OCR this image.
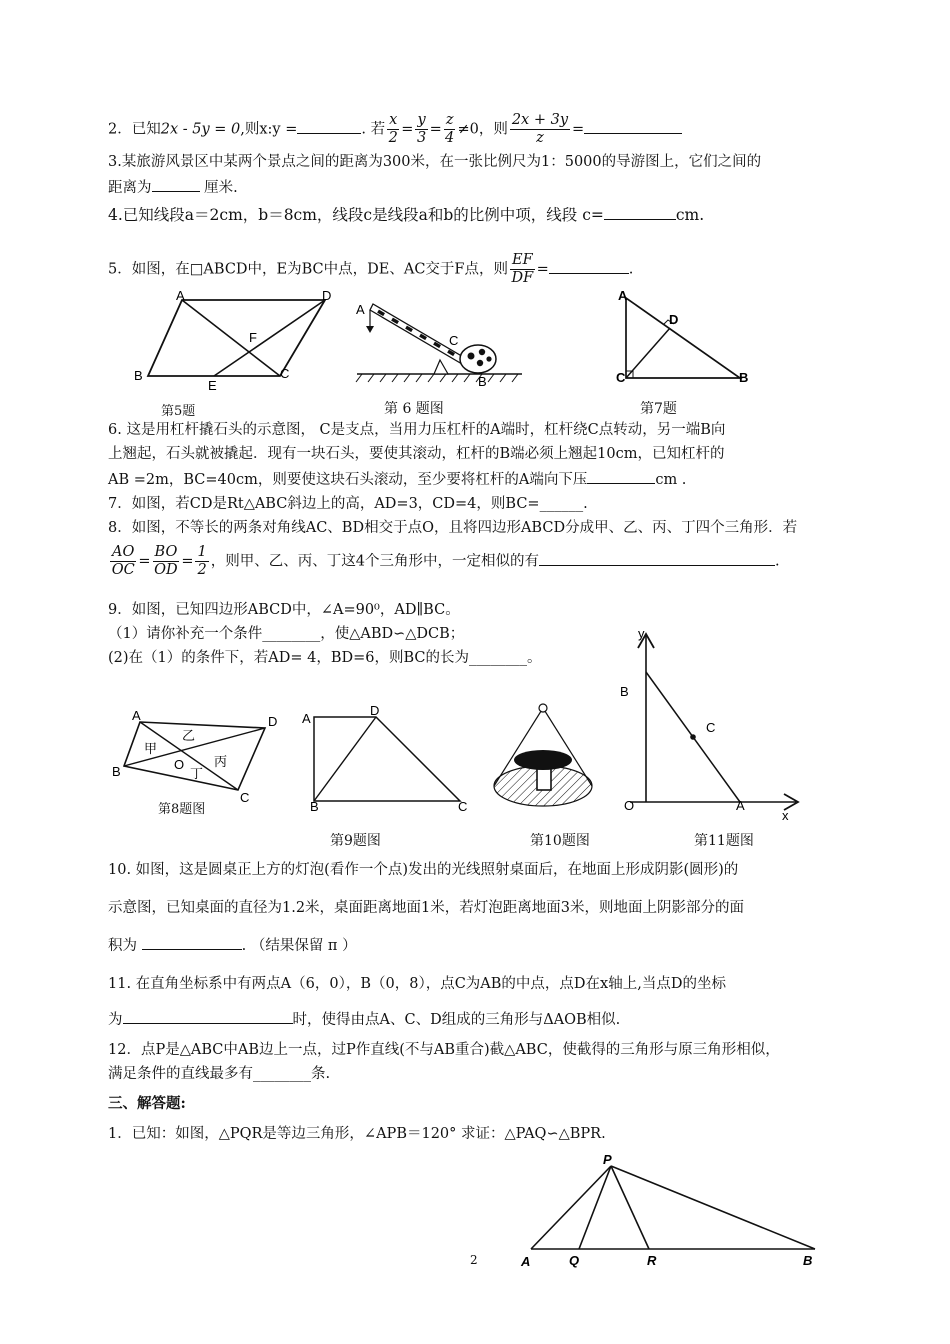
2．已知2x - 5y = 0,则x:y =	. 若 $\frac{x}{2} = \frac{y}{3} = \frac{z}{4} \ne 0$，则 $\frac{2x + 3y}{z}$ =
3.某旅游风景区中某两个景点之间的距离为300米，在一张比例尺为1：5000的导游图上，它们之间的
距离为	厘米.
4.已知线段a＝2cm，b＝8cm，线段c是线段a和b的比例中项，线段 c=	cm.
5．如图，在□ABCD中，E为BC中点，DE、AC交于F点，则 $\frac{EF}{DF}$ =	.
A	D
B
E
F
C
第5题
A
C
B
第 6 题图
A
D
C	B
第7题
6. 这是用杠杆撬石头的示意图， C是支点，当用力压杠杆的A端时，杠杆绕C点转动，另一端B向
上翘起，石头就被撬起．现有一块石头，要使其滚动，杠杆的B端必须上翘起10cm，已知杠杆的
AB =2m，BC=40cm，则要使这块石头滚动，至少要将杠杆的A端向下压	cm .
7．如图，若CD是Rt△ABC斜边上的高，AD=3，CD=4，则BC=______.
8．如图，不等长的两条对角线AC、BD相交于点O，且将四边形ABCD分成甲、乙、丙、丁四个三角形．若
$\frac{AO}{OC} = \frac{BO}{OD} = \frac{1}{2}$ ，则甲、乙、丙、丁这4个三角形中，一定相似的有	.
9．如图，已知四边形ABCD中，∠A=90⁰，AD∥BC。
（1）请你补充一个条件________，使△ABD∽△DCB；
(2)在（1）的条件下，若AD= 4，BD=6，则BC的长为________。
A	D
B
C
O
甲
乙
丙
丁
第8题图
A
D
B	C
第9题图	第10题图
y
B
C
O	A
x
第11题图
10. 如图，这是圆桌正上方的灯泡(看作一个点)发出的光线照射桌面后，在地面上形成阴影(圆形)的
示意图，已知桌面的直径为1.2米，桌面距离地面1米，若灯泡距离地面3米，则地面上阴影部分的面
积为	. （结果保留 π ）
11. 在直角坐标系中有两点A（6，0），B（0，8），点C为AB的中点，点D在x轴上,当点D的坐标
为	时，使得由点A、C、D组成的三角形与ΔAOB相似.
12．点P是△ABC中AB边上一点，过P作直线(不与AB重合)截△ABC，使截得的三角形与原三角形相似，
满足条件的直线最多有________条.
三、解答题:
1．已知：如图，△PQR是等边三角形，∠APB＝120° 求证：△PAQ∽△BPR.
P
A	Q	R	B
2
